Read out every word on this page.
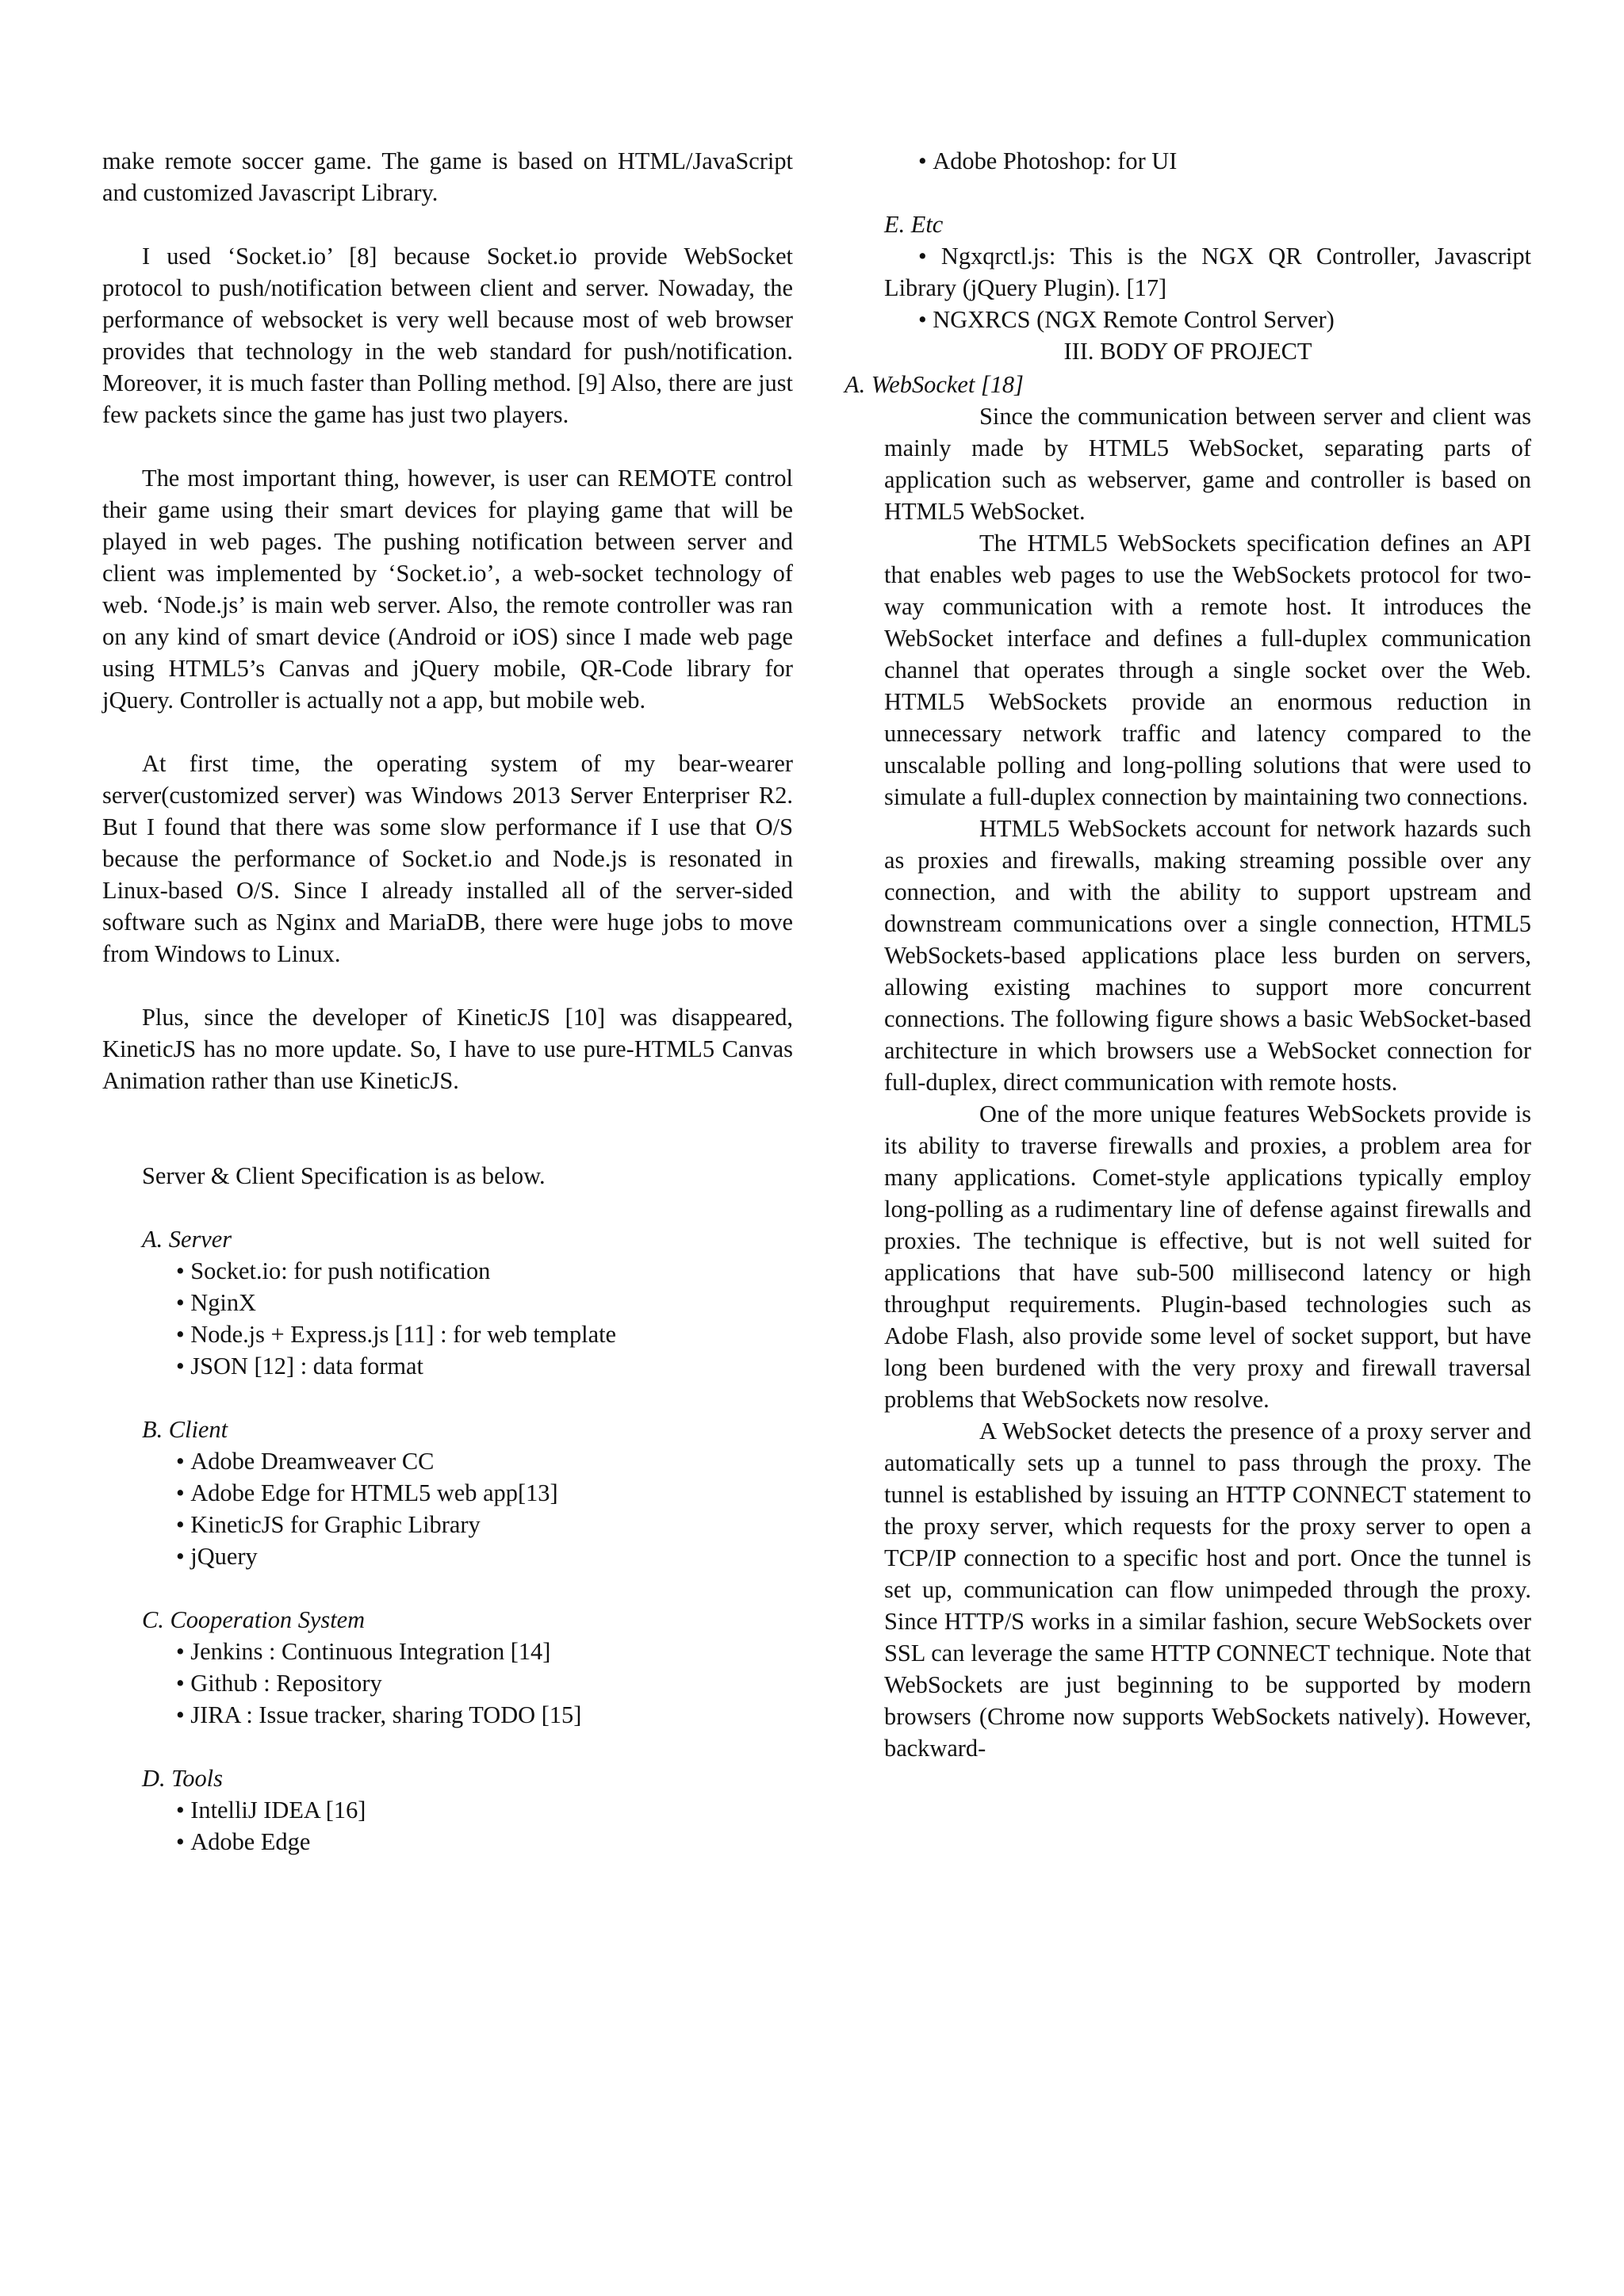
make remote soccer game. The game is based on HTML/JavaScript and customized Javascript Library.

I used ‘Socket.io’ [8] because Socket.io provide WebSocket protocol to push/notification between client and server. Nowaday, the performance of websocket is very well because most of web browser provides that technology in the web standard for push/notification. Moreover, it is much faster than Polling method. [9] Also, there are just few packets since the game has just two players.

The most important thing, however, is user can REMOTE control their game using their smart devices for playing game that will be played in web pages. The pushing notification between server and client was implemented by ‘Socket.io’, a web-socket technology of web. ‘Node.js’ is main web server. Also, the remote controller was ran on any kind of smart device (Android or iOS) since I made web page using HTML5’s Canvas and jQuery mobile, QR-Code library for jQuery. Controller is actually not a app, but mobile web.

At first time, the operating system of my bear-wearer server(customized server) was Windows 2013 Server Enterpriser R2. But I found that there was some slow performance if I use that O/S because the performance of Socket.io and Node.js is resonated in Linux-based O/S. Since I already installed all of the server-sided software such as Nginx and MariaDB, there were huge jobs to move from Windows to Linux.

Plus, since the developer of KineticJS [10] was disappeared, KineticJS has no more update. So, I have to use pure-HTML5 Canvas Animation rather than use KineticJS.

Server & Client Specification is as below.

A. Server

• Socket.io: for push notification
• NginX
• Node.js + Express.js [11] : for web template
• JSON [12] : data format

B. Client

• Adobe Dreamweaver CC
• Adobe Edge for HTML5 web app[13]
• KineticJS for Graphic Library
• jQuery

C. Cooperation System

• Jenkins : Continuous Integration [14]
• Github : Repository
• JIRA : Issue tracker, sharing TODO [15]

D. Tools

• IntelliJ IDEA [16]
• Adobe Edge
• Adobe Photoshop: for UI

E. Etc

• Ngxqrctl.js: This is the NGX QR Controller, Javascript Library (jQuery Plugin). [17]

• NGXRCS (NGX Remote Control Server)

III. BODY OF PROJECT

A. WebSocket [18]

Since the communication between server and client was mainly made by HTML5 WebSocket, separating parts of application such as webserver, game and controller is based on HTML5 WebSocket.

The HTML5 WebSockets specification defines an API that enables web pages to use the WebSockets protocol for two-way communication with a remote host. It introduces the WebSocket interface and defines a full-duplex communication channel that operates through a single socket over the Web. HTML5 WebSockets provide an enormous reduction in unnecessary network traffic and latency compared to the unscalable polling and long-polling solutions that were used to simulate a full-duplex connection by maintaining two connections.

HTML5 WebSockets account for network hazards such as proxies and firewalls, making streaming possible over any connection, and with the ability to support upstream and downstream communications over a single connection, HTML5 WebSockets-based applications place less burden on servers, allowing existing machines to support more concurrent connections. The following figure shows a basic WebSocket-based architecture in which browsers use a WebSocket connection for full-duplex, direct communication with remote hosts.

One of the more unique features WebSockets provide is its ability to traverse firewalls and proxies, a problem area for many applications. Comet-style applications typically employ long-polling as a rudimentary line of defense against firewalls and proxies. The technique is effective, but is not well suited for applications that have sub-500 millisecond latency or high throughput requirements. Plugin-based technologies such as Adobe Flash, also provide some level of socket support, but have long been burdened with the very proxy and firewall traversal problems that WebSockets now resolve.

A WebSocket detects the presence of a proxy server and automatically sets up a tunnel to pass through the proxy. The tunnel is established by issuing an HTTP CONNECT statement to the proxy server, which requests for the proxy server to open a TCP/IP connection to a specific host and port. Once the tunnel is set up, communication can flow unimpeded through the proxy. Since HTTP/S works in a similar fashion, secure WebSockets over SSL can leverage the same HTTP CONNECT technique. Note that WebSockets are just beginning to be supported by modern browsers (Chrome now supports WebSockets natively). However, backward-
